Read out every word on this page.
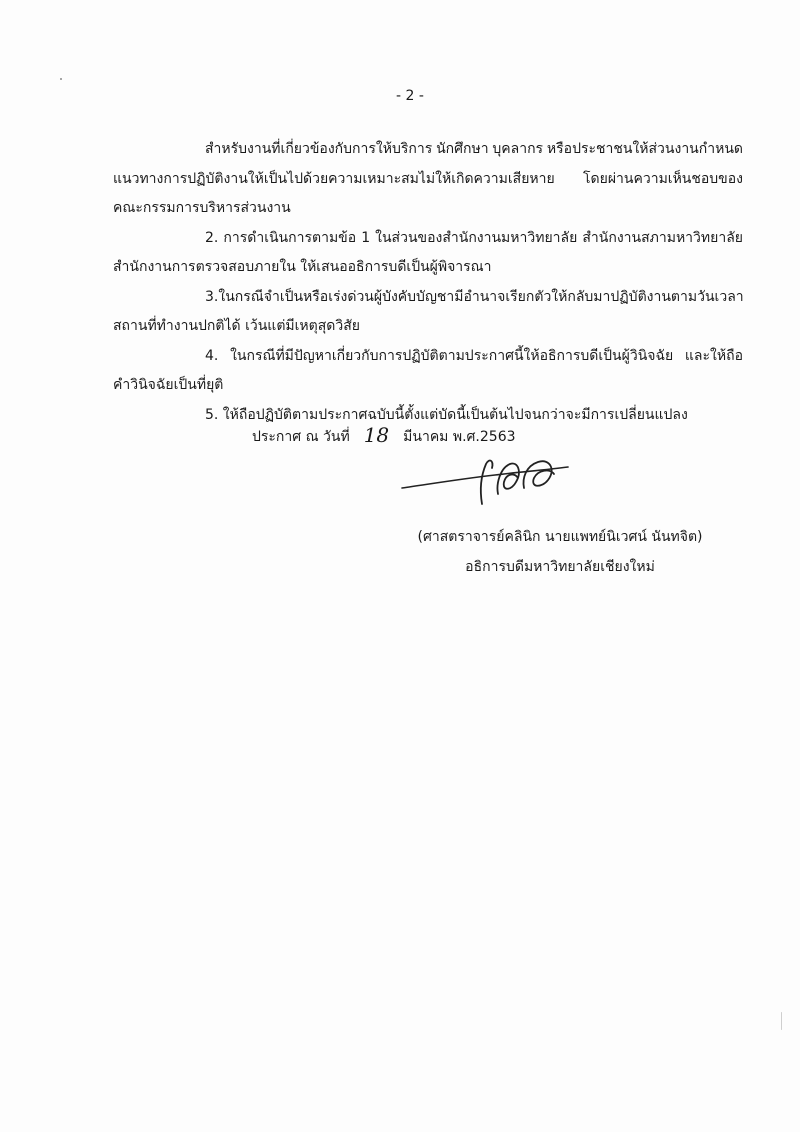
- 2 -
สำหรับงานที่เกี่ยวข้องกับการให้บริการ นักศึกษา บุคลากร หรือประชาชนให้ส่วนงานกำหนด
แนวทางการปฏิบัติงานให้เป็นไปด้วยความเหมาะสมไม่ให้เกิดความเสียหาย โดยผ่านความเห็นชอบของ
คณะกรรมการบริหารส่วนงาน
2. การดำเนินการตามข้อ 1 ในส่วนของสำนักงานมหาวิทยาลัย สำนักงานสภามหาวิทยาลัย
สำนักงานการตรวจสอบภายใน ให้เสนออธิการบดีเป็นผู้พิจารณา
3. ในกรณีจำเป็นหรือเร่งด่วนผู้บังคับบัญชามีอำนาจเรียกตัวให้กลับมาปฏิบัติงานตามวันเวลา
สถานที่ทำงานปกติได้ เว้นแต่มีเหตุสุดวิสัย
4. ในกรณีที่มีปัญหาเกี่ยวกับการปฏิบัติตามประกาศนี้ให้อธิการบดีเป็นผู้วินิจฉัย และให้ถือ
คำวินิจฉัยเป็นที่ยุติ
5. ให้ถือปฏิบัติตามประกาศฉบับนี้ตั้งแต่บัดนี้เป็นต้นไปจนกว่าจะมีการเปลี่ยนแปลง
ประกาศ ณ วันที่ 18 มีนาคม พ.ศ.2563
(ศาสตราจารย์คลินิก นายแพทย์นิเวศน์ นันทจิต)
อธิการบดีมหาวิทยาลัยเชียงใหม่
